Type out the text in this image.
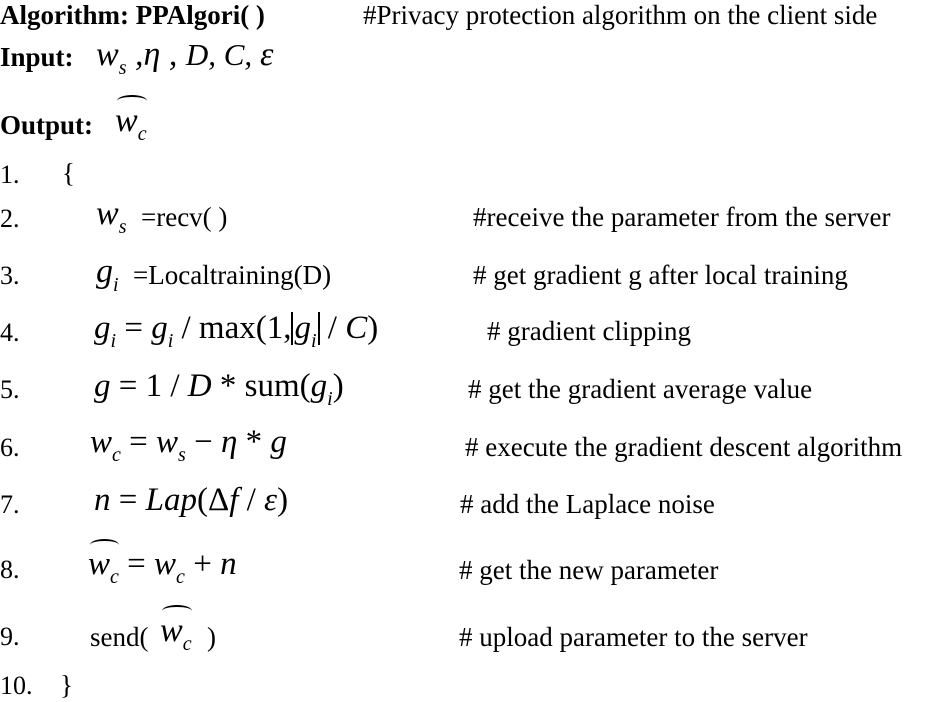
Algorithm: PPAlgori( )	#Privacy protection algorithm on the client side
Input: $w_s$ ,η , D, C, ε
Output: $w_c$
1. {
2. $w_s$ =recv( )	#receive the parameter from the server
3. $g_i$ =Localtraining(D)	# get gradient g after local training
4. $g_i = g_i / \max(1,g_i / C)$	# gradient clipping
5. $g = 1 / D * sum(g_i)$	# get the gradient average value
6. $w_c = w_s - \eta * g$	# execute the gradient descent algorithm
7. n = Lap(Δf / ε)	# add the Laplace noise
8. $w_c = w_c + n$	# get the new parameter
9.	send( $w_c$ )	# upload parameter to the server
10. }
